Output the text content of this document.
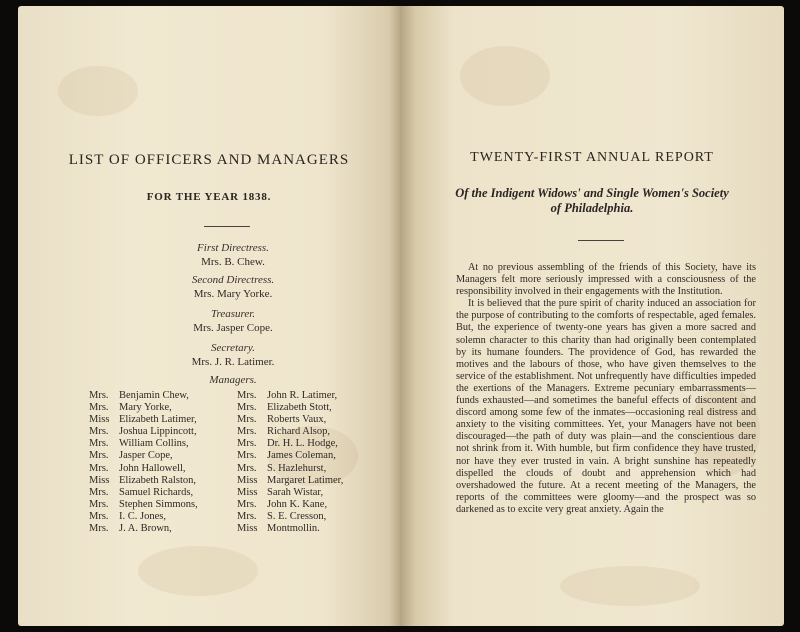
LIST OF OFFICERS AND MANAGERS
FOR THE YEAR 1838.
First Directress.
Mrs. B. Chew.
Second Directress.
Mrs. Mary Yorke.
Treasurer.
Mrs. Jasper Cope.
Secretary.
Mrs. J. R. Latimer.
Managers.
Mrs. Benjamin Chew,
Mrs. Mary Yorke,
Miss Elizabeth Latimer,
Mrs. Joshua Lippincott,
Mrs. William Collins,
Mrs. Jasper Cope,
Mrs. John Hallowell,
Miss Elizabeth Ralston,
Mrs. Samuel Richards,
Mrs. Stephen Simmons,
Mrs. I. C. Jones,
Mrs. J. A. Brown,
Mrs. John R. Latimer,
Mrs. Elizabeth Stott,
Mrs. Roberts Vaux,
Mrs. Richard Alsop,
Mrs. Dr. H. L. Hodge,
Mrs. James Coleman,
Mrs. S. Hazlehurst,
Miss Margaret Latimer,
Miss Sarah Wistar,
Mrs. John K. Kane,
Mrs. S. E. Cresson,
Miss Montmollin.
TWENTY-FIRST ANNUAL REPORT
Of the Indigent Widows' and Single Women's Society
of Philadelphia.

At no previous assembling of the friends of this Society, have its Managers felt more seriously impressed with a consciousness of the responsibility involved in their engagements with the Institution.

It is believed that the pure spirit of charity induced an association for the purpose of contributing to the comforts of respectable, aged females. But, the experience of twenty-one years has given a more sacred and solemn character to this charity than had originally been contemplated by its humane founders. The providence of God, has rewarded the motives and the labours of those, who have given themselves to the service of the establishment. Not unfrequently have difficulties impeded the exertions of the Managers. Extreme pecuniary embarrassments—funds exhausted—and sometimes the baneful effects of discontent and discord among some few of the inmates—occasioning real distress and anxiety to the visiting committees. Yet, your Managers have not been discouraged—the path of duty was plain—and the conscientious dare not shrink from it. With humble, but firm confidence they have trusted, nor have they ever trusted in vain. A bright sunshine has repeatedly dispelled the clouds of doubt and apprehension which had overshadowed the future. At a recent meeting of the Managers, the reports of the committees were gloomy—and the prospect was so darkened as to excite very great anxiety. Again the
